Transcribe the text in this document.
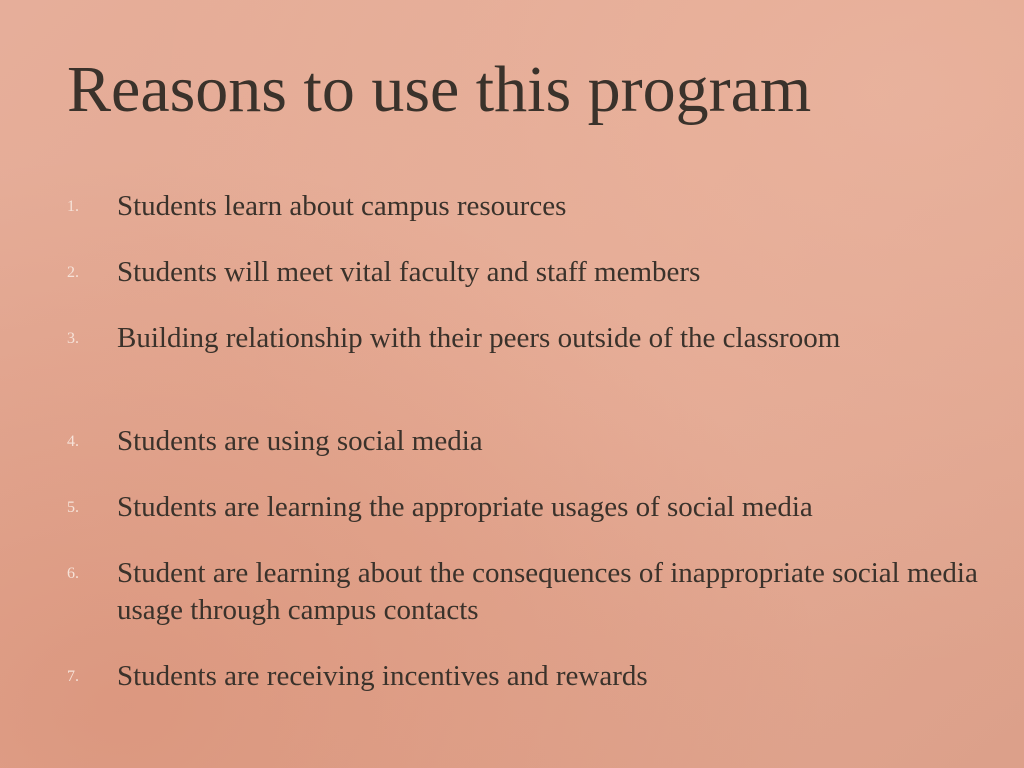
Reasons to use this program
1. Students learn about campus resources
2. Students will meet vital faculty and staff members
3. Building relationship with their peers outside of the classroom
4. Students are using social media
5. Students are learning the appropriate usages of social media
6. Student are learning about the consequences of inappropriate social media usage through campus contacts
7. Students are receiving incentives and rewards
